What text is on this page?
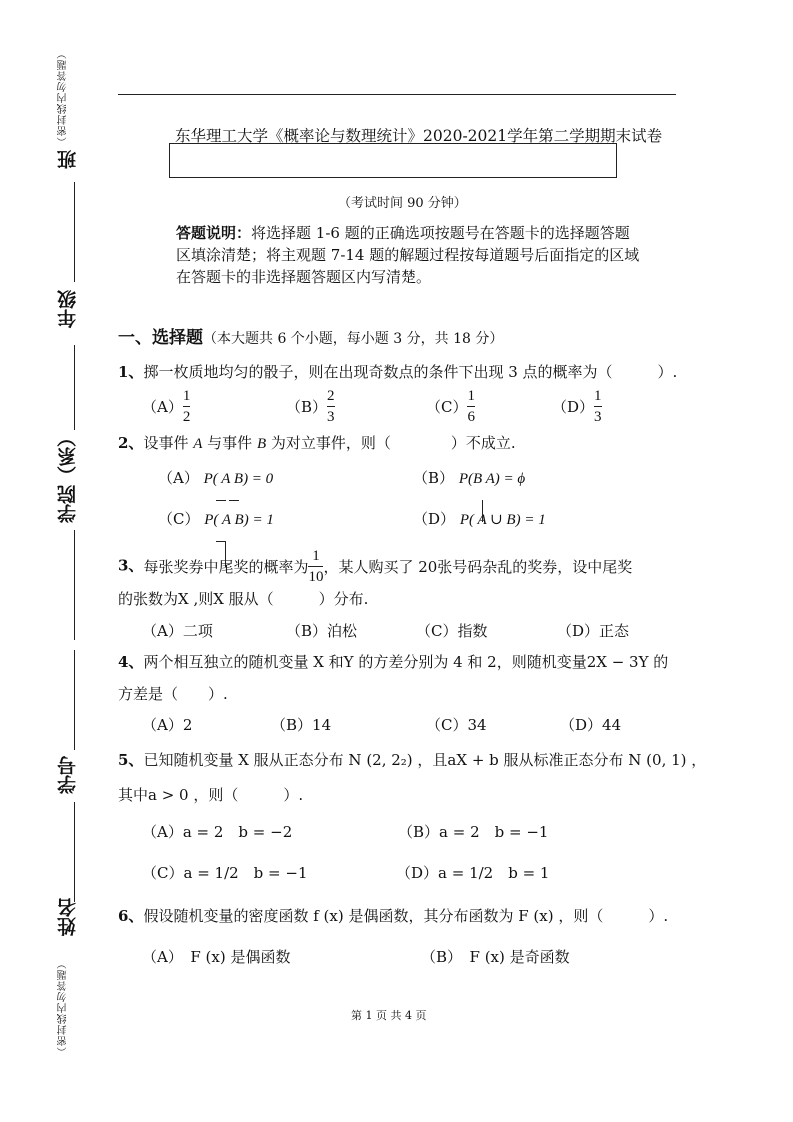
（密封线内勿答题）
班
年级
学院（系）
学号
姓名
（密封线内勿答题）
东华理工大学《概率论与数理统计》2020-2021学年第二学期期末试卷
（考试时间 90 分钟）
答题说明：将选择题 1-6 题的正确选项按题号在答题卡的选择题答题
区填涂清楚；将主观题 7-14 题的解题过程按每道题号后面指定的区域
在答题卡的非选择题答题区内写清楚。
一、选择题（本大题共 6 个小题，每小题 3 分，共 18 分）
1、掷一枚质地均匀的骰子，则在出现奇数点的条件下出现 3 点的概率为（　　　）.
$(A) \frac{1}{2}$	$(B) \frac{2}{3}$	$(C) \frac{1}{6}$	$(D) \frac{1}{3}$
2、设事件 A 与事件 B 为对立事件，则（　　　　）不成立.
（A） P( A B) = 0	（B） P(B A) = ϕ
（C） P( A B) = 1	（D） P( A ∪ B) = 1
3、每张奖券中尾奖的概率为 $\frac{1}{10}$ ，某人购买了 20张号码杂乱的奖券，设中尾奖
的张数为X ,则X 服从（　　　）分布.
（A）二项	（B）泊松	（C）指数	（D）正态
4、两个相互独立的随机变量 X 和Y 的方差分别为 4 和 2，则随机变量2X − 3Y 的
方差是（　　）.
（A）2	（B）14	（C）34	（D）44
5、已知随机变量 X 服从正态分布 N (2, 2₂) ，且aX + b 服从标准正态分布 N (0, 1) ，
其中a > 0 ，则（　　　）.
（A）a = 2　b = −2	（B）a = 2　b = −1
（C）a = 1/2　b = −1	（D）a = 1/2　b = 1
6、假设随机变量的密度函数 f (x) 是偶函数，其分布函数为 F (x) ，则（　　　）.
（A）　F (x) 是偶函数	（B）　F (x) 是奇函数
第 1 页 共 4 页
